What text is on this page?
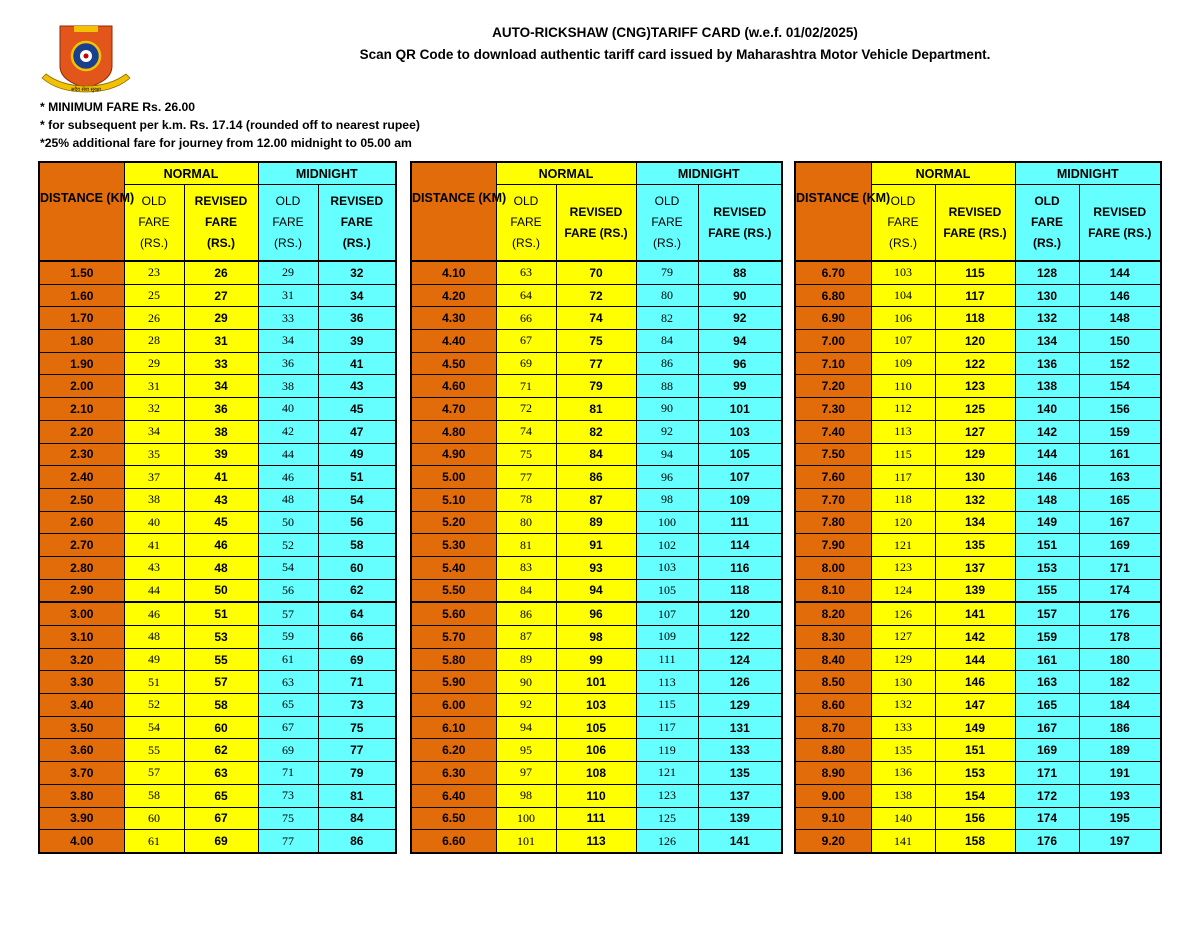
सदैव सेवा सुरक्षा
AUTO-RICKSHAW (CNG)TARIFF CARD (w.e.f. 01/02/2025)
Scan QR Code to download authentic tariff card issued by Maharashtra Motor Vehicle Department.
* MINIMUM FARE Rs. 26.00
* for subsequent per k.m. Rs. 17.14 (rounded off to nearest rupee)
*25% additional fare for journey from 12.00 midnight to 05.00 am
DISTANCE (KM)	NORMAL		MIDNIGHT	
	OLD
FARE
(RS.)	REVISED
FARE
(RS.)	OLD
FARE
(RS.)	REVISED
FARE
(RS.)
1.50	23	26	29	32
1.60	25	27	31	34
1.70	26	29	33	36
1.80	28	31	34	39
1.90	29	33	36	41
2.00	31	34	38	43
2.10	32	36	40	45
2.20	34	38	42	47
2.30	35	39	44	49
2.40	37	41	46	51
2.50	38	43	48	54
2.60	40	45	50	56
2.70	41	46	52	58
2.80	43	48	54	60
2.90	44	50	56	62
3.00	46	51	57	64
3.10	48	53	59	66
3.20	49	55	61	69
3.30	51	57	63	71
3.40	52	58	65	73
3.50	54	60	67	75
3.60	55	62	69	77
3.70	57	63	71	79
3.80	58	65	73	81
3.90	60	67	75	84
4.00	61	69	77	86
DISTANCE (KM)	NORMAL		MIDNIGHT	
	OLD
FARE
(RS.)	REVISED
FARE (RS.)	OLD
FARE
(RS.)	REVISED
FARE (RS.)
4.10	63	70	79	88
4.20	64	72	80	90
4.30	66	74	82	92
4.40	67	75	84	94
4.50	69	77	86	96
4.60	71	79	88	99
4.70	72	81	90	101
4.80	74	82	92	103
4.90	75	84	94	105
5.00	77	86	96	107
5.10	78	87	98	109
5.20	80	89	100	111
5.30	81	91	102	114
5.40	83	93	103	116
5.50	84	94	105	118
5.60	86	96	107	120
5.70	87	98	109	122
5.80	89	99	111	124
5.90	90	101	113	126
6.00	92	103	115	129
6.10	94	105	117	131
6.20	95	106	119	133
6.30	97	108	121	135
6.40	98	110	123	137
6.50	100	111	125	139
6.60	101	113	126	141
DISTANCE (KM)	NORMAL		MIDNIGHT	
	OLD
FARE
(RS.)	REVISED
FARE (RS.)	OLD
FARE
(RS.)	REVISED
FARE (RS.)
6.70	103	115	128	144
6.80	104	117	130	146
6.90	106	118	132	148
7.00	107	120	134	150
7.10	109	122	136	152
7.20	110	123	138	154
7.30	112	125	140	156
7.40	113	127	142	159
7.50	115	129	144	161
7.60	117	130	146	163
7.70	118	132	148	165
7.80	120	134	149	167
7.90	121	135	151	169
8.00	123	137	153	171
8.10	124	139	155	174
8.20	126	141	157	176
8.30	127	142	159	178
8.40	129	144	161	180
8.50	130	146	163	182
8.60	132	147	165	184
8.70	133	149	167	186
8.80	135	151	169	189
8.90	136	153	171	191
9.00	138	154	172	193
9.10	140	156	174	195
9.20	141	158	176	197
